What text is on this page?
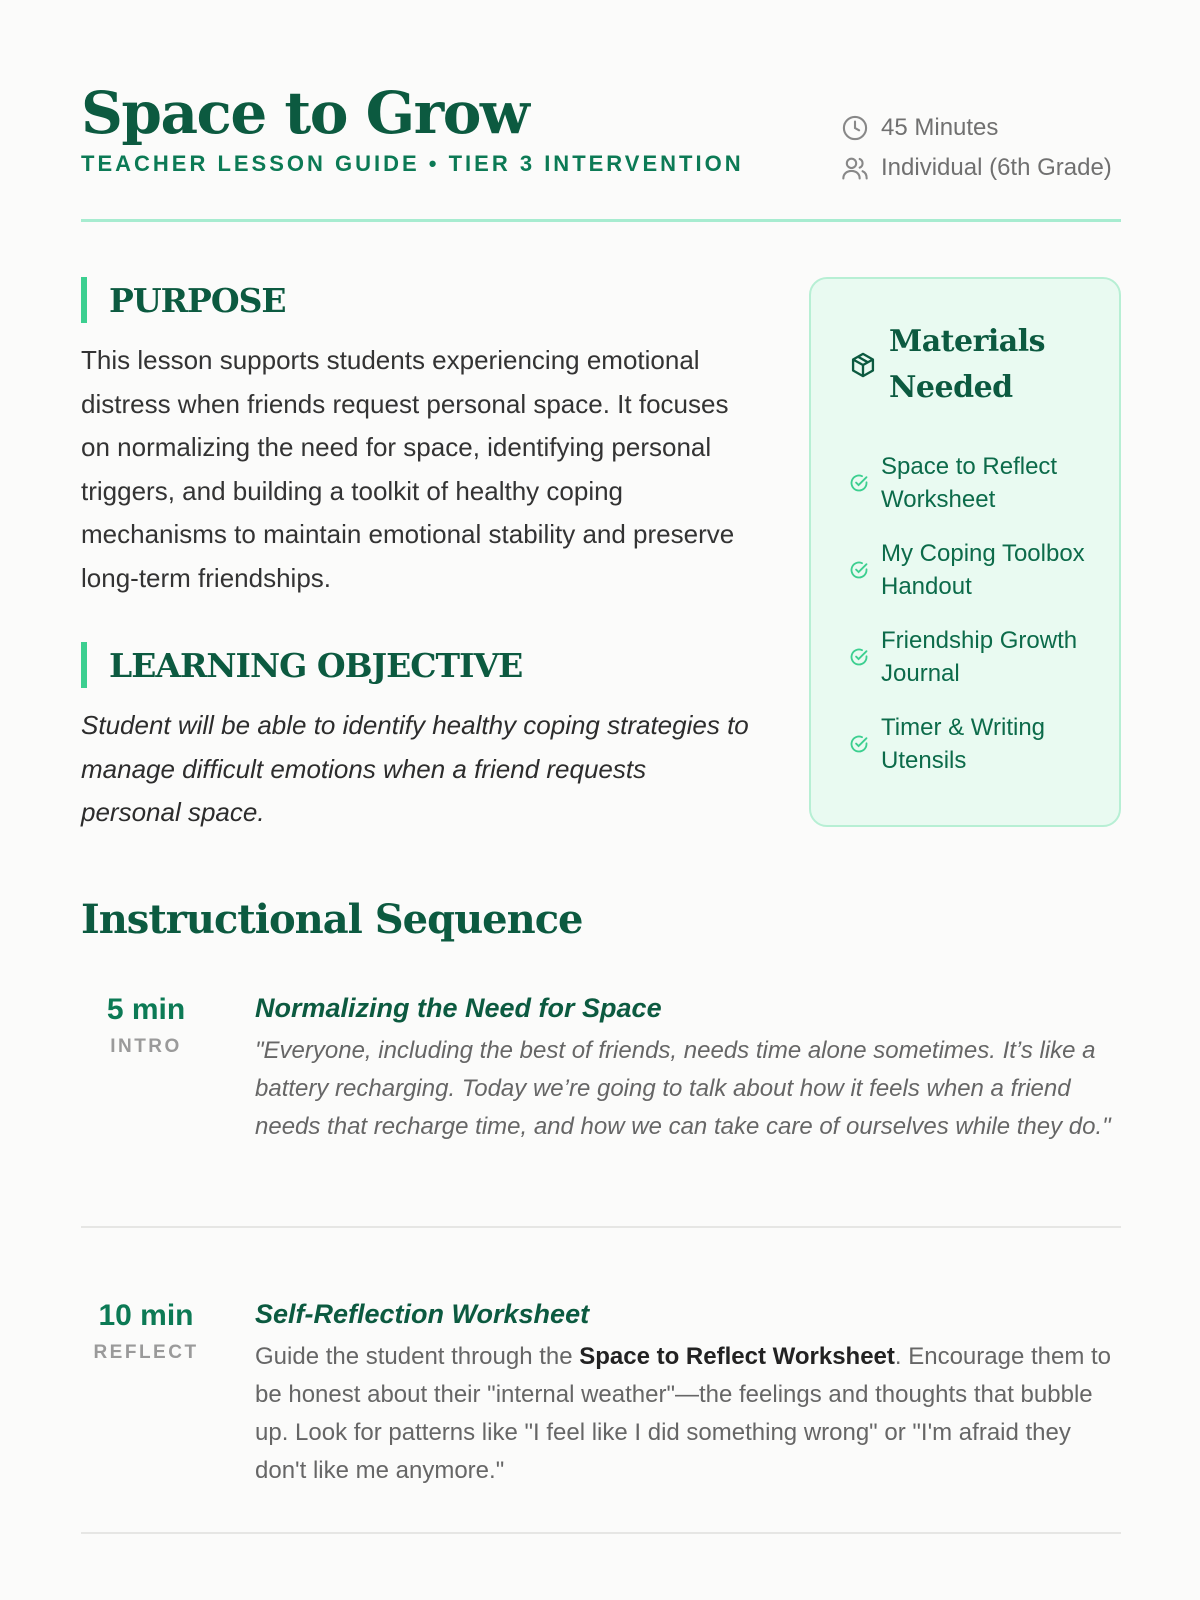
Space to Grow
TEACHER LESSON GUIDE • TIER 3 INTERVENTION
45 Minutes
Individual (6th Grade)
PURPOSE

This lesson supports students experiencing emotional distress when friends request personal space. It focuses on normalizing the need for space, identifying personal triggers, and building a toolkit of healthy coping mechanisms to maintain emotional stability and preserve long-term friendships.

LEARNING OBJECTIVE

Student will be able to identify healthy coping strategies to manage difficult emotions when a friend requests personal space.

Materials Needed
Space to Reflect Worksheet
My Coping Toolbox Handout
Friendship Growth Journal
Timer & Writing Utensils
Instructional Sequence
5 min
INTRO
Normalizing the Need for Space

"Everyone, including the best of friends, needs time alone sometimes. It’s like a battery recharging. Today we’re going to talk about how it feels when a friend needs that recharge time, and how we can take care of ourselves while they do."

10 min
REFLECT
Self-Reflection Worksheet

Guide the student through the Space to Reflect Worksheet. Encourage them to be honest about their "internal weather"—the feelings and thoughts that bubble up. Look for patterns like "I feel like I did something wrong" or "I'm afraid they don't like me anymore."
